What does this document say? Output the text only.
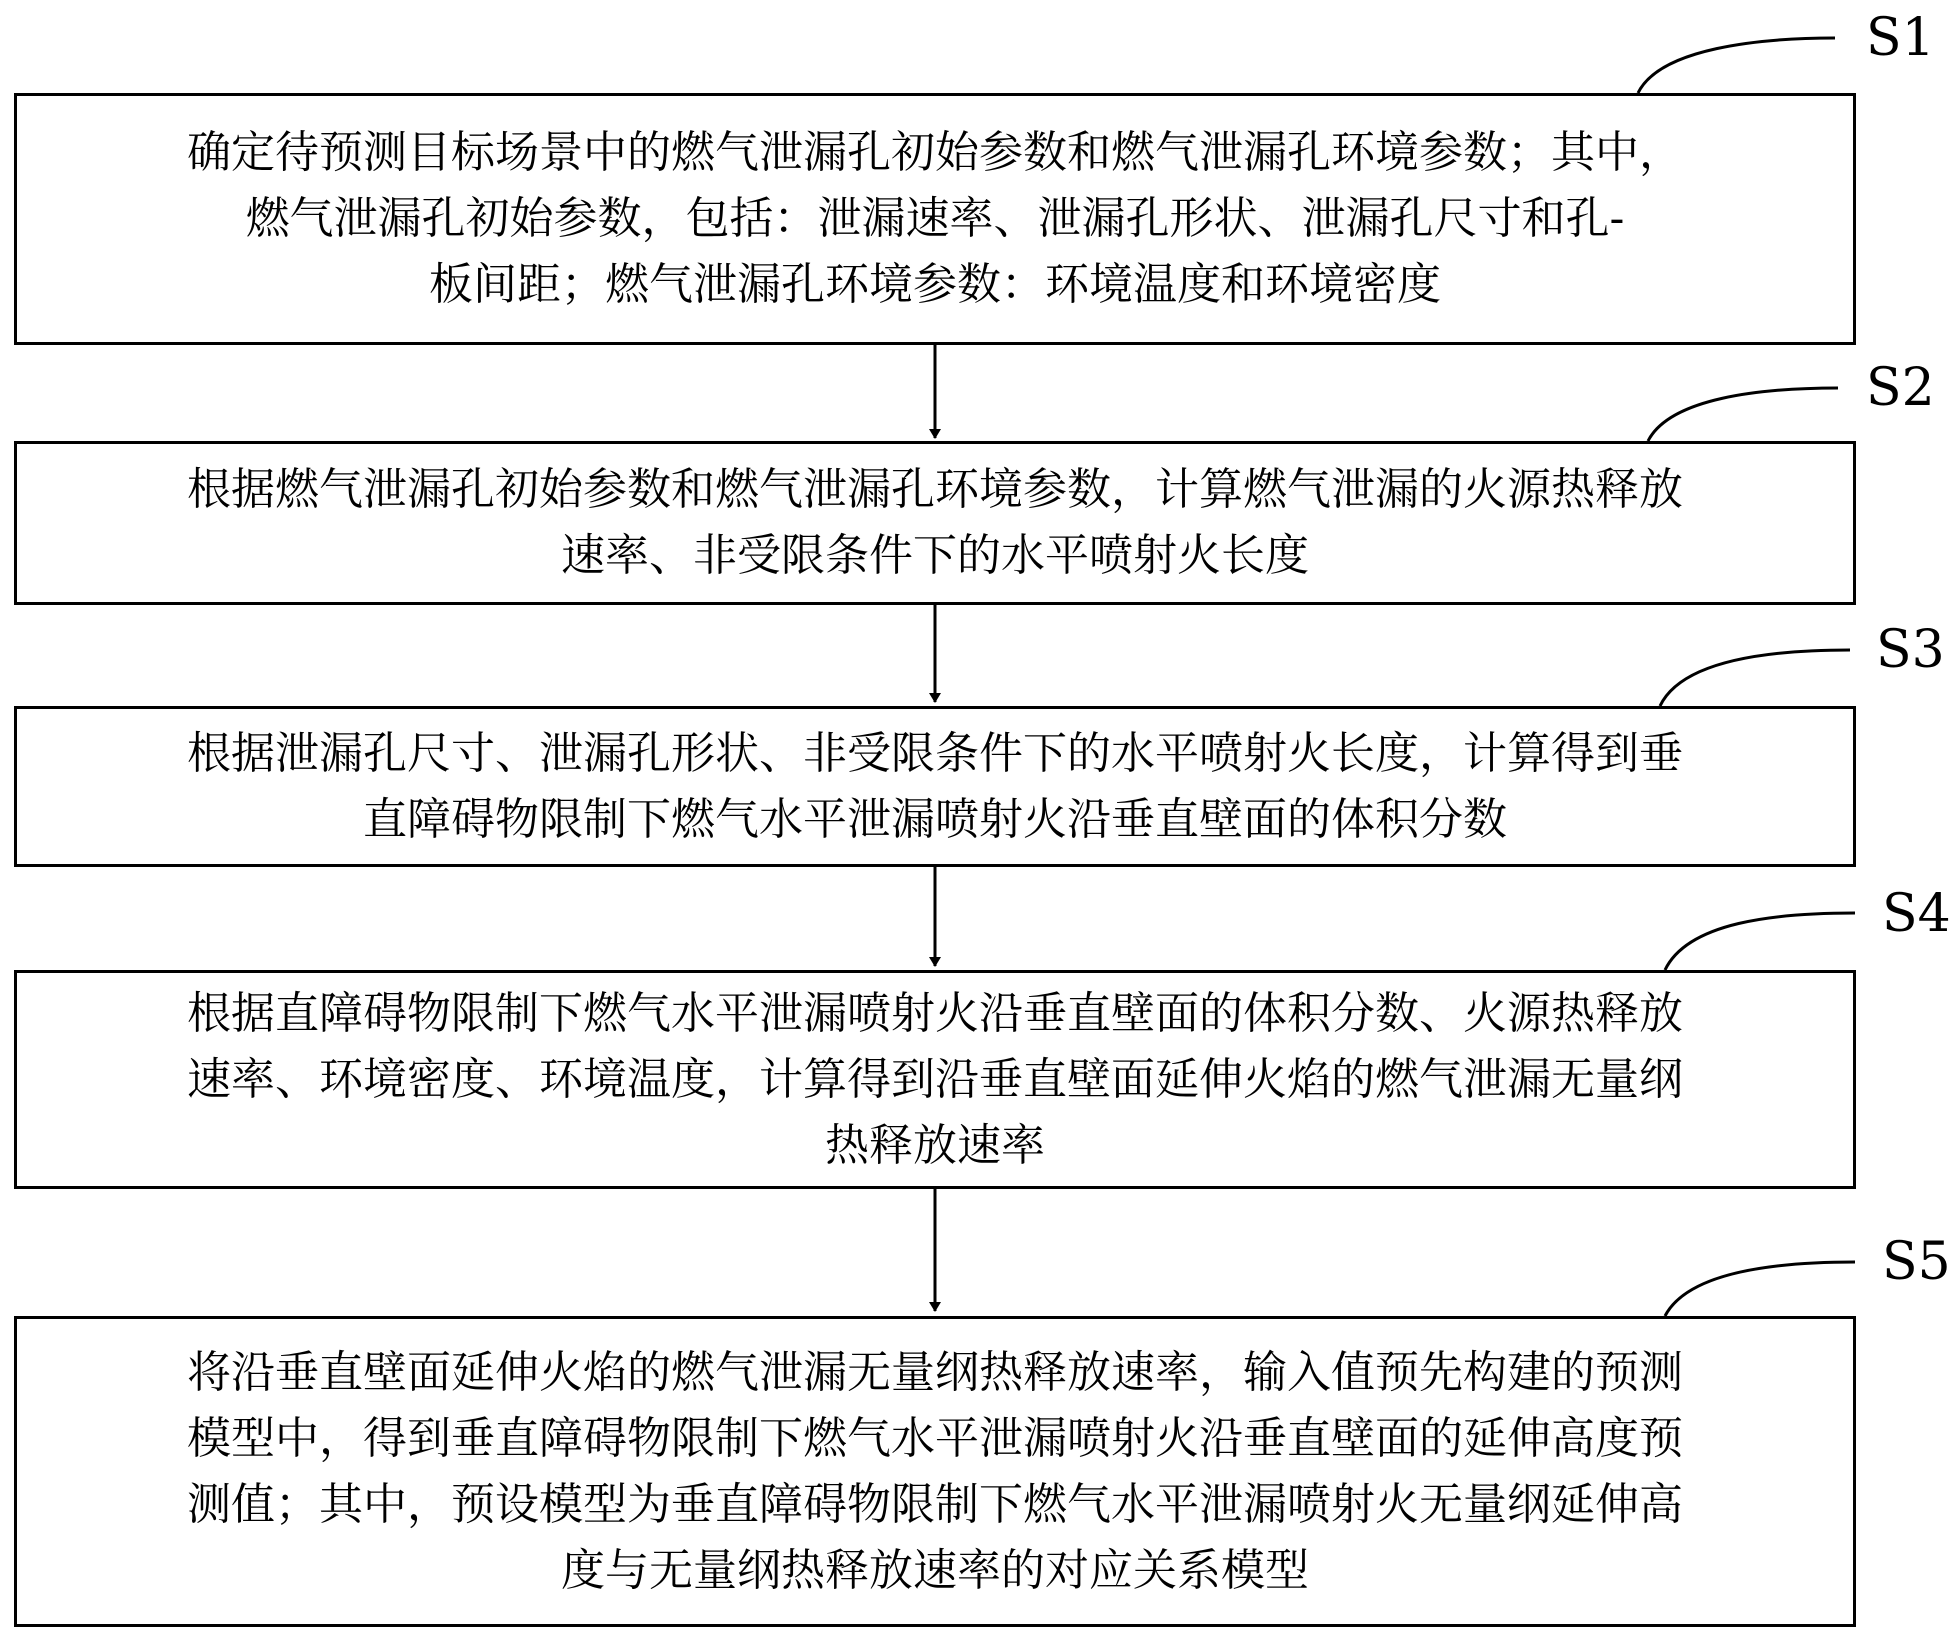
S1
S2
S3
S4
S5
确定待预测目标场景中的燃气泄漏孔初始参数和燃气泄漏孔环境参数；其中，
燃气泄漏孔初始参数，包括：泄漏速率、泄漏孔形状、泄漏孔尺寸和孔-
板间距；燃气泄漏孔环境参数：环境温度和环境密度
根据燃气泄漏孔初始参数和燃气泄漏孔环境参数，计算燃气泄漏的火源热释放
速率、非受限条件下的水平喷射火长度
根据泄漏孔尺寸、泄漏孔形状、非受限条件下的水平喷射火长度，计算得到垂
直障碍物限制下燃气水平泄漏喷射火沿垂直壁面的体积分数
根据直障碍物限制下燃气水平泄漏喷射火沿垂直壁面的体积分数、火源热释放
速率、环境密度、环境温度，计算得到沿垂直壁面延伸火焰的燃气泄漏无量纲
热释放速率
将沿垂直壁面延伸火焰的燃气泄漏无量纲热释放速率，输入值预先构建的预测
模型中，得到垂直障碍物限制下燃气水平泄漏喷射火沿垂直壁面的延伸高度预
测值；其中，预设模型为垂直障碍物限制下燃气水平泄漏喷射火无量纲延伸高
度与无量纲热释放速率的对应关系模型
